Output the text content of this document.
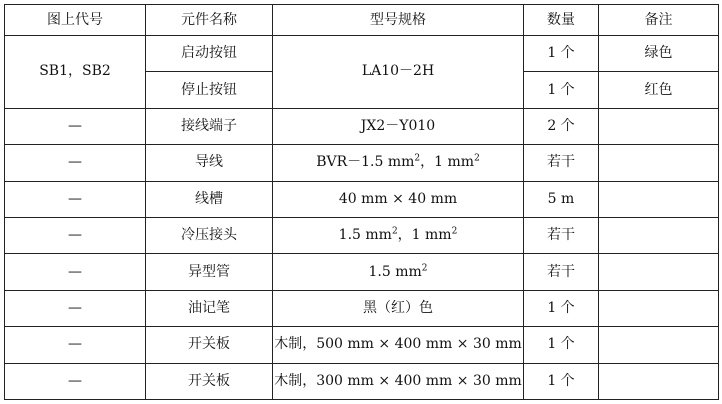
图上代号	元件名称	型号规格	数量	备注
SB1，SB2	启动按钮	LA10－2H	1 个	绿色
	停止按钮		1 个	红色
—	接线端子	JX2－Y010	2 个	
—	导线	BVR－1.5 $mm^2$，1 $mm^2$	若干	
—	线槽	40 mm × 40 mm	5 m	
—	冷压接头	1.5 $mm^2$，1 $mm^2$	若干	
—	异型管	1.5 $mm^2$	若干	
—	油记笔	黑（红）色	1 个	
—	开关板	木制，500 mm × 400 mm × 30 mm	1 个	
—	开关板	木制，300 mm × 400 mm × 30 mm	1 个	
